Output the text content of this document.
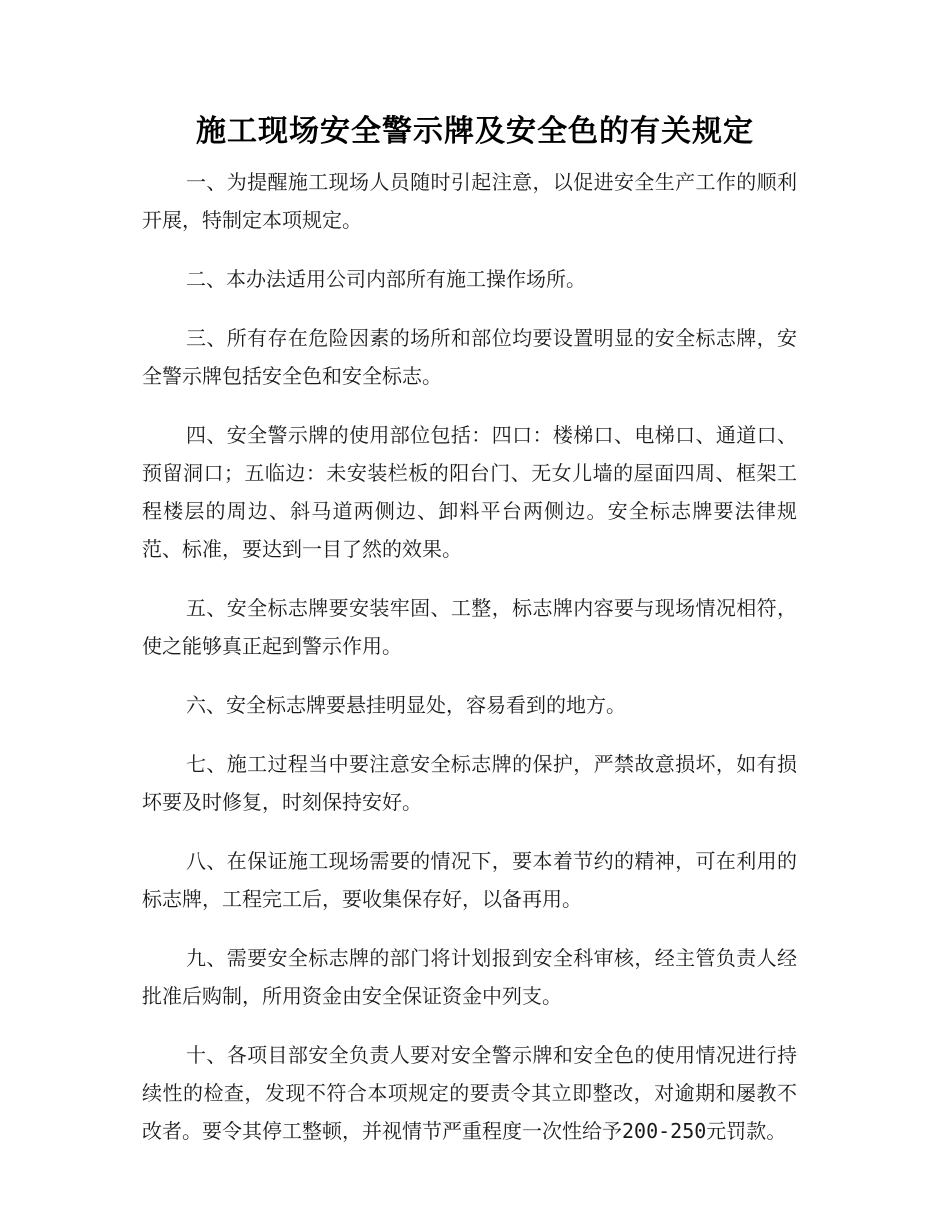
施工现场安全警示牌及安全色的有关规定

一、为提醒施工现场人员随时引起注意，以促进安全生产工作的顺利开展，特制定本项规定。

二、本办法适用公司内部所有施工操作场所。

三、所有存在危险因素的场所和部位均要设置明显的安全标志牌，安全警示牌包括安全色和安全标志。

四、安全警示牌的使用部位包括：四口：楼梯口、电梯口、通道口、预留洞口；五临边：未安装栏板的阳台门、无女儿墙的屋面四周、框架工程楼层的周边、斜马道两侧边、卸料平台两侧边。安全标志牌要法律规范、标准，要达到一目了然的效果。

五、安全标志牌要安装牢固、工整，标志牌内容要与现场情况相符，使之能够真正起到警示作用。

六、安全标志牌要悬挂明显处，容易看到的地方。

七、施工过程当中要注意安全标志牌的保护，严禁故意损坏，如有损坏要及时修复，时刻保持安好。

八、在保证施工现场需要的情况下，要本着节约的精神，可在利用的标志牌，工程完工后，要收集保存好，以备再用。

九、需要安全标志牌的部门将计划报到安全科审核，经主管负责人经批准后购制，所用资金由安全保证资金中列支。

十、各项目部安全负责人要对安全警示牌和安全色的使用情况进行持续性的检查，发现不符合本项规定的要责令其立即整改，对逾期和屡教不改者。要令其停工整顿，并视情节严重程度一次性给予200-250元罚款。
